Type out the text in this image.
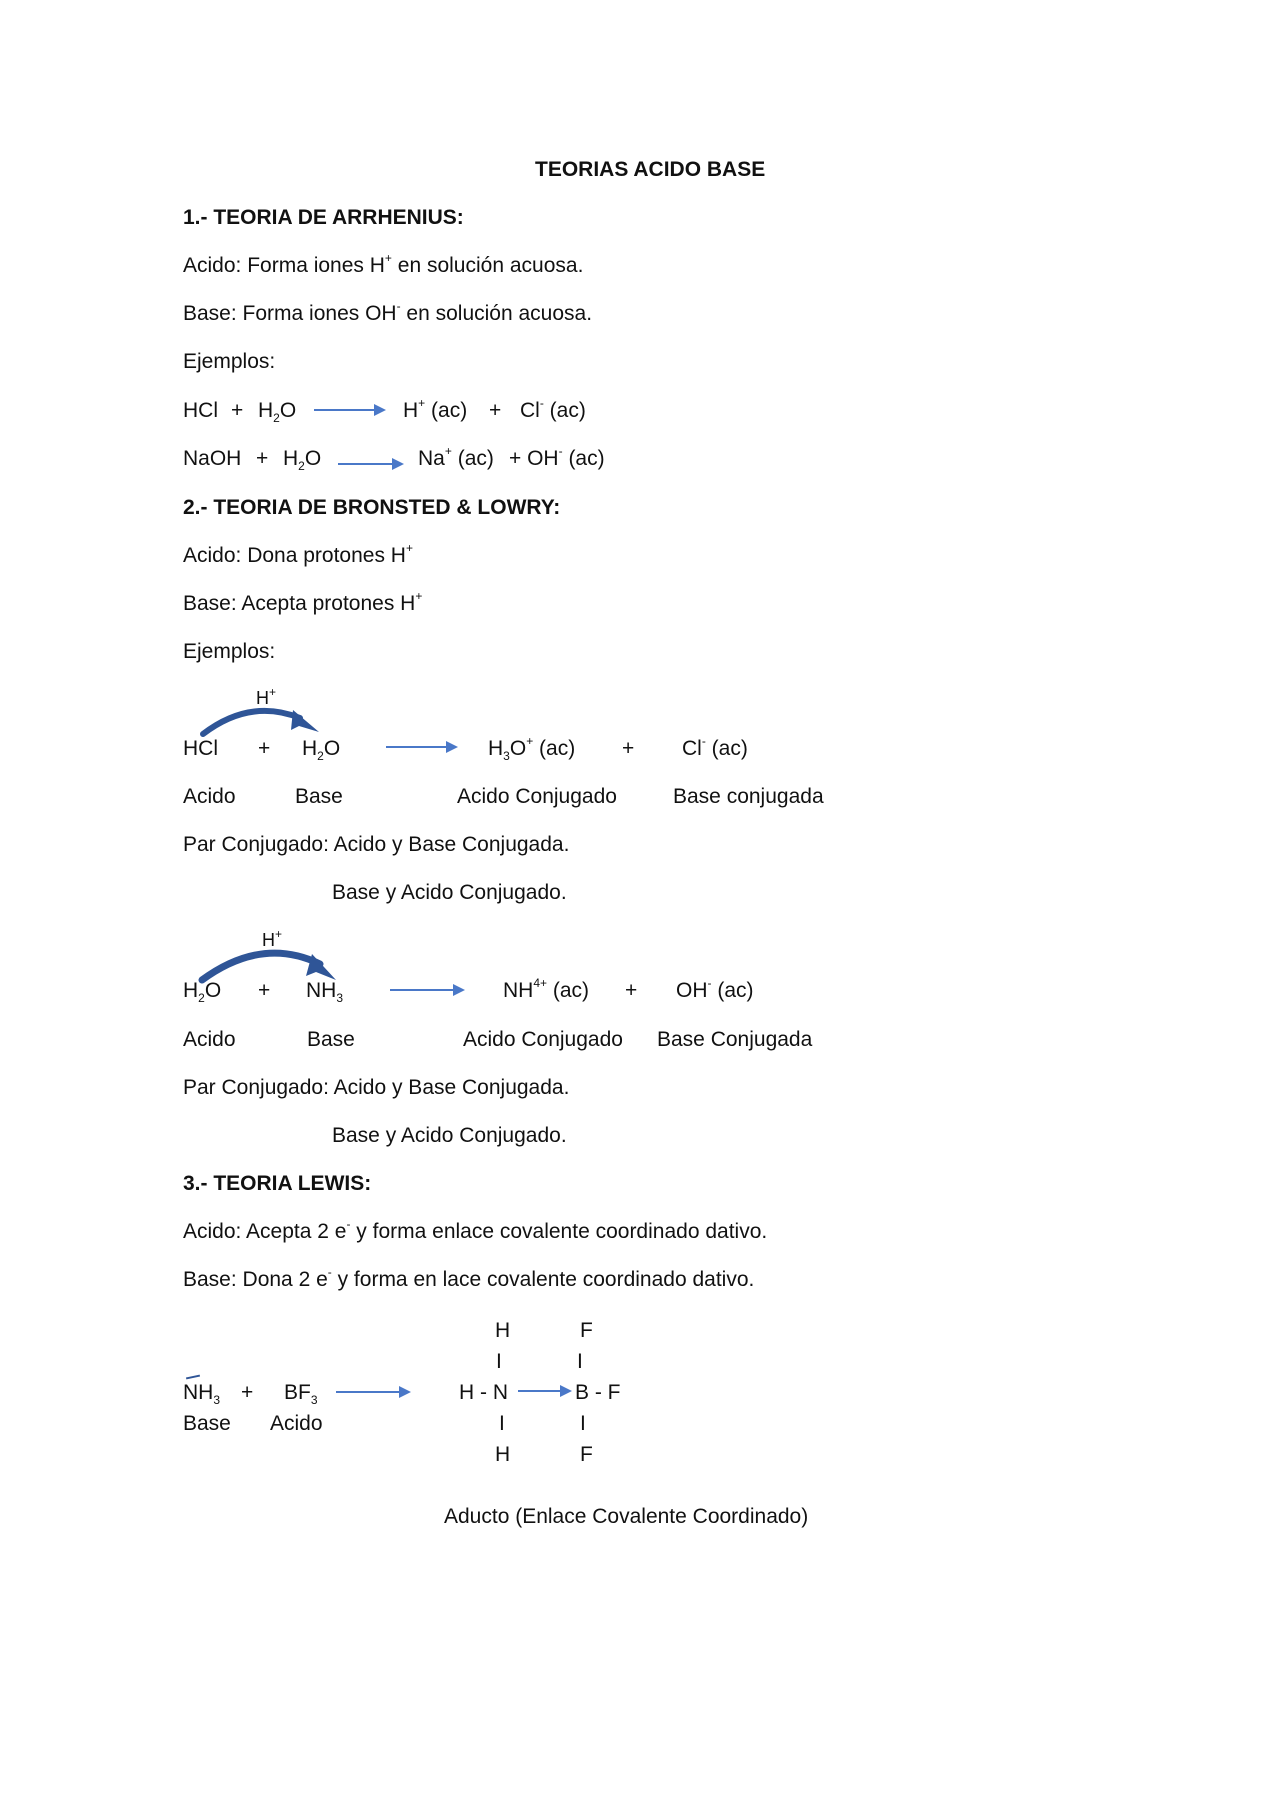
TEORIAS ACIDO BASE
1.- TEORIA DE ARRHENIUS:
Acido: Forma iones H+ en solución acuosa.
Base: Forma iones OH- en solución acuosa.
Ejemplos:
HCl + $H_2O$	H+ (ac) + Cl- (ac)
NaOH + $H_2O$	Na+ (ac) + OH- (ac)
2.- TEORIA DE BRONSTED & LOWRY:
Acido: Dona protones H+
Base: Acepta protones H+
Ejemplos:
H+
HCl + $H_2O$	$H_3O^+$ (ac) + Cl- (ac)
Acido	Base	Acido Conjugado	Base conjugada
Par Conjugado: Acido y Base Conjugada.
Base y Acido Conjugado.
H+
$H_2O + NH_3$	$NH^{4+}$ (ac) + OH- (ac)
Acido	Base	Acido Conjugado Base Conjugada
Par Conjugado: Acido y Base Conjugada.
Base y Acido Conjugado.
3.- TEORIA LEWIS:
Acido: Acepta 2 e- y forma enlace covalente coordinado dativo.
Base: Dona 2 e- y forma en lace covalente coordinado dativo.
$NH_3 + BF_3$
Base Acido
H	F
I	I
H - N	B - F
I	I
H	F
Aducto (Enlace Covalente Coordinado)
